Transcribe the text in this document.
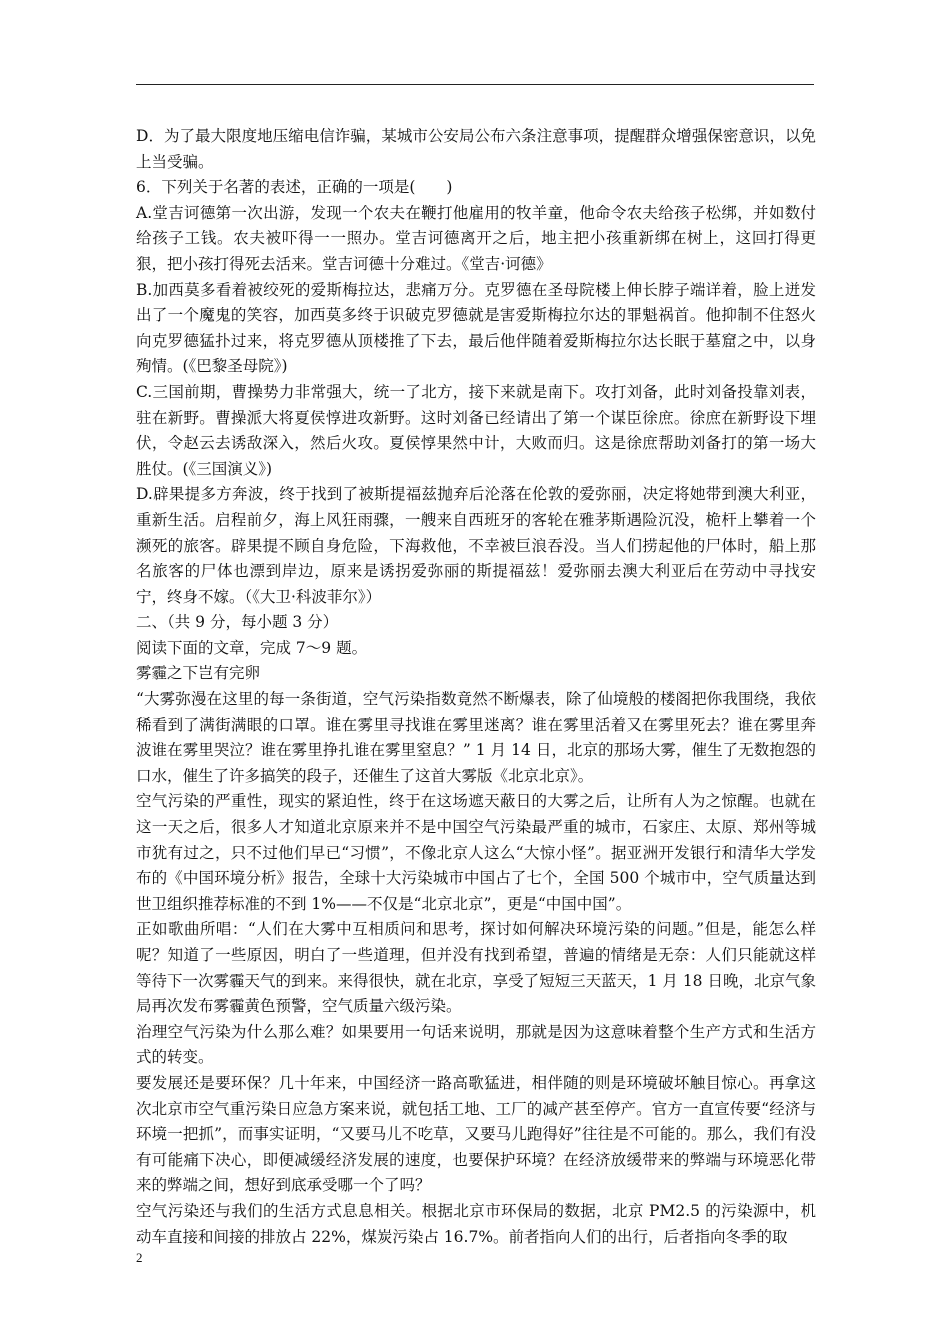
D．为了最大限度地压缩电信诈骗，某城市公安局公布六条注意事项，提醒群众增强保密意识，以免上当受骗。

6．下列关于名著的表述，正确的一项是(　　)

A.堂吉诃德第一次出游，发现一个农夫在鞭打他雇用的牧羊童，他命令农夫给孩子松绑，并如数付给孩子工钱。农夫被吓得一一照办。堂吉诃德离开之后，地主把小孩重新绑在树上，这回打得更狠，把小孩打得死去活来。堂吉诃德十分难过。《堂吉·诃德》

B.加西莫多看着被绞死的爱斯梅拉达，悲痛万分。克罗德在圣母院楼上伸长脖子端详着，脸上迸发出了一个魔鬼的笑容，加西莫多终于识破克罗德就是害爱斯梅拉尔达的罪魁祸首。他抑制不住怒火向克罗德猛扑过来，将克罗德从顶楼推了下去，最后他伴随着爱斯梅拉尔达长眠于墓窟之中，以身殉情。(《巴黎圣母院》)

C.三国前期，曹操势力非常强大，统一了北方，接下来就是南下。攻打刘备，此时刘备投靠刘表，驻在新野。曹操派大将夏侯惇进攻新野。这时刘备已经请出了第一个谋臣徐庶。徐庶在新野设下埋伏，令赵云去诱敌深入，然后火攻。夏侯惇果然中计，大败而归。这是徐庶帮助刘备打的第一场大胜仗。(《三国演义》)

D.辟果提多方奔波，终于找到了被斯提福兹抛弃后沦落在伦敦的爱弥丽，决定将她带到澳大利亚，重新生活。启程前夕，海上风狂雨骤，一艘来自西班牙的客轮在雅茅斯遇险沉没，桅杆上攀着一个濒死的旅客。辟果提不顾自身危险，下海救他，不幸被巨浪吞没。当人们捞起他的尸体时，船上那名旅客的尸体也漂到岸边，原来是诱拐爱弥丽的斯提福兹！爱弥丽去澳大利亚后在劳动中寻找安宁，终身不嫁。（《大卫·科波菲尔》）

二、（共 9 分，每小题 3 分）

阅读下面的文章，完成 7～9 题。

雾霾之下岂有完卵

“大雾弥漫在这里的每一条街道，空气污染指数竟然不断爆表，除了仙境般的楼阁把你我围绕，我依稀看到了满街满眼的口罩。谁在雾里寻找谁在雾里迷离？谁在雾里活着又在雾里死去？谁在雾里奔波谁在雾里哭泣？谁在雾里挣扎谁在雾里窒息？” 1 月 14 日，北京的那场大雾，催生了无数抱怨的口水，催生了许多搞笑的段子，还催生了这首大雾版《北京北京》。

空气污染的严重性，现实的紧迫性，终于在这场遮天蔽日的大雾之后，让所有人为之惊醒。也就在这一天之后，很多人才知道北京原来并不是中国空气污染最严重的城市，石家庄、太原、郑州等城市犹有过之，只不过他们早已“习惯”，不像北京人这么“大惊小怪”。据亚洲开发银行和清华大学发布的《中国环境分析》报告，全球十大污染城市中国占了七个，全国 500 个城市中，空气质量达到世卫组织推荐标准的不到 1%——不仅是“北京北京”，更是“中国中国”。

正如歌曲所唱：“人们在大雾中互相质问和思考，探讨如何解决环境污染的问题。”但是，能怎么样呢？知道了一些原因，明白了一些道理，但并没有找到希望，普遍的情绪是无奈：人们只能就这样等待下一次雾霾天气的到来。来得很快，就在北京，享受了短短三天蓝天，1 月 18 日晚，北京气象局再次发布雾霾黄色预警，空气质量六级污染。

治理空气污染为什么那么难？如果要用一句话来说明，那就是因为这意味着整个生产方式和生活方式的转变。

要发展还是要环保？几十年来，中国经济一路高歌猛进，相伴随的则是环境破坏触目惊心。再拿这次北京市空气重污染日应急方案来说，就包括工地、工厂的减产甚至停产。官方一直宣传要“经济与环境一把抓”，而事实证明，“又要马儿不吃草，又要马儿跑得好”往往是不可能的。那么，我们有没有可能痛下决心，即便减缓经济发展的速度，也要保护环境？在经济放缓带来的弊端与环境恶化带来的弊端之间，想好到底承受哪一个了吗？

空气污染还与我们的生活方式息息相关。根据北京市环保局的数据，北京 PM2.5 的污染源中，机动车直接和间接的排放占 22%，煤炭污染占 16.7%。前者指向人们的出行，后者指向冬季的取

2
